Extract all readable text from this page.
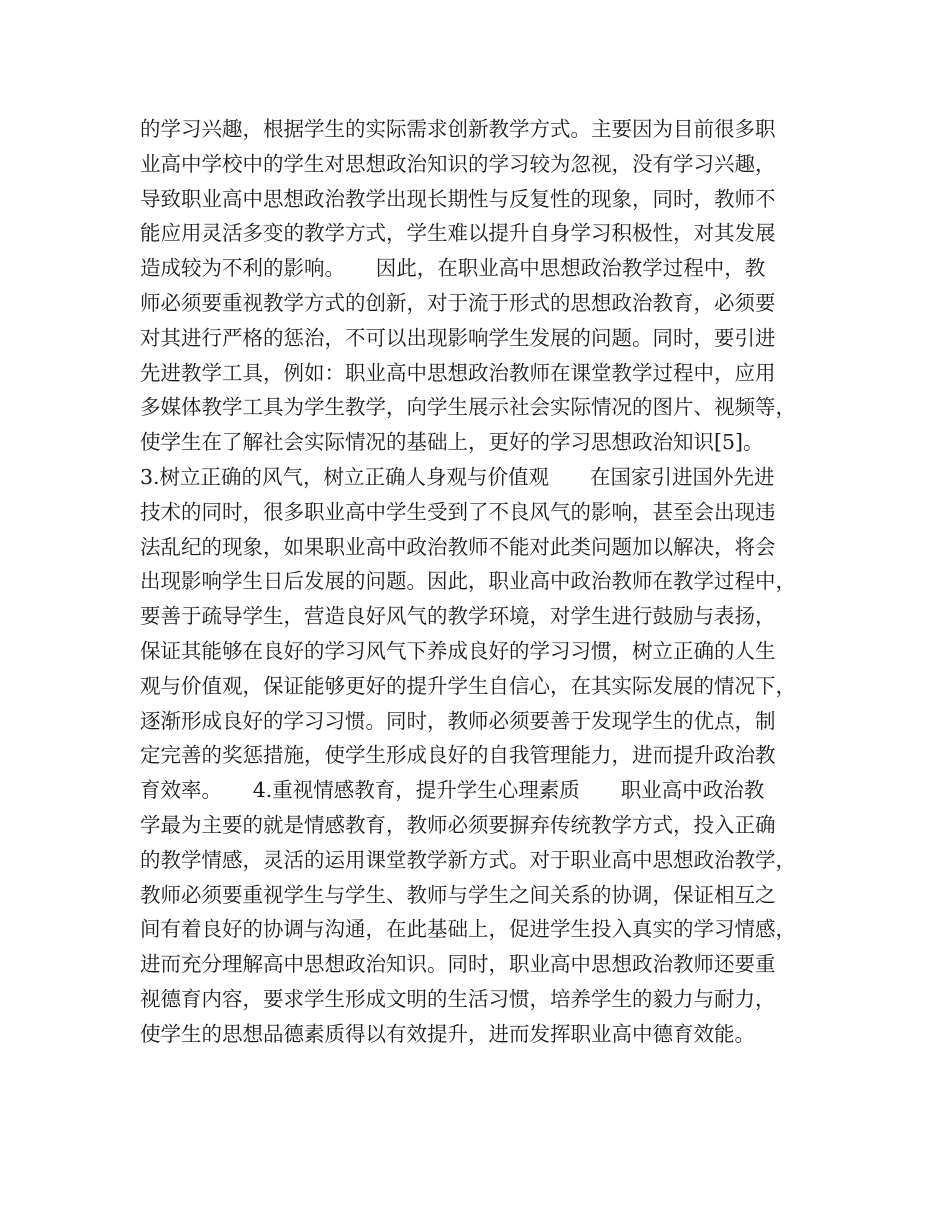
的学习兴趣，根据学生的实际需求创新教学方式。主要因为目前很多职
业高中学校中的学生对思想政治知识的学习较为忽视，没有学习兴趣，
导致职业高中思想政治教学出现长期性与反复性的现象，同时，教师不
能应用灵活多变的教学方式，学生难以提升自身学习积极性，对其发展
造成较为不利的影响。　　因此，在职业高中思想政治教学过程中，教
师必须要重视教学方式的创新，对于流于形式的思想政治教育，必须要
对其进行严格的惩治，不可以出现影响学生发展的问题。同时，要引进
先进教学工具，例如：职业高中思想政治教师在课堂教学过程中，应用
多媒体教学工具为学生教学，向学生展示社会实际情况的图片、视频等，
使学生在了解社会实际情况的基础上，更好的学习思想政治知识[5]。
3.树立正确的风气，树立正确人身观与价值观　　在国家引进国外先进
技术的同时，很多职业高中学生受到了不良风气的影响，甚至会出现违
法乱纪的现象，如果职业高中政治教师不能对此类问题加以解决，将会
出现影响学生日后发展的问题。因此，职业高中政治教师在教学过程中，
要善于疏导学生，营造良好风气的教学环境，对学生进行鼓励与表扬，
保证其能够在良好的学习风气下养成良好的学习习惯，树立正确的人生
观与价值观，保证能够更好的提升学生自信心，在其实际发展的情况下，
逐渐形成良好的学习习惯。同时，教师必须要善于发现学生的优点，制
定完善的奖惩措施，使学生形成良好的自我管理能力，进而提升政治教
育效率。　　4.重视情感教育，提升学生心理素质　　职业高中政治教
学最为主要的就是情感教育，教师必须要摒弃传统教学方式，投入正确
的教学情感，灵活的运用课堂教学新方式。对于职业高中思想政治教学，
教师必须要重视学生与学生、教师与学生之间关系的协调，保证相互之
间有着良好的协调与沟通，在此基础上，促进学生投入真实的学习情感，
进而充分理解高中思想政治知识。同时，职业高中思想政治教师还要重
视德育内容，要求学生形成文明的生活习惯，培养学生的毅力与耐力，
使学生的思想品德素质得以有效提升，进而发挥职业高中德育效能。
